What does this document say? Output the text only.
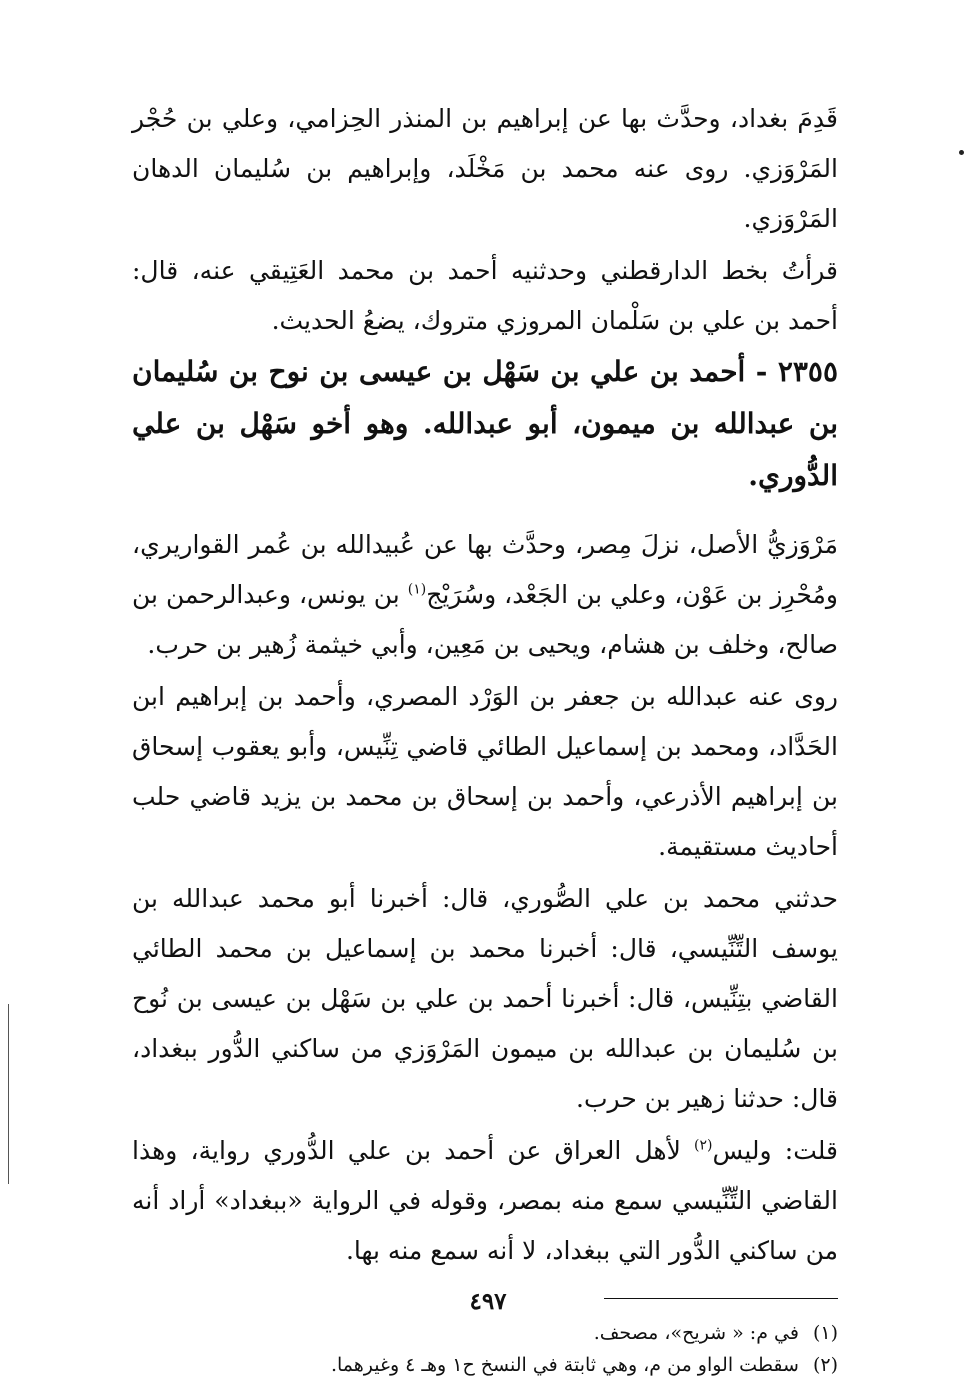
قَدِمَ بغداد، وحدَّث بها عن إبراهيم بن المنذر الحِزامي، وعلي بن حُجْر المَرْوَزي. روى عنه محمد بن مَخْلَد، وإبراهيم بن سُليمان الدهان المَرْوَزي.

قرأتُ بخط الدارقطني وحدثنيه أحمد بن محمد العَتِيقي عنه، قال: أحمد بن علي بن سَلْمان المروزي متروك، يضعُ الحديث.

٢٣٥٥ - أحمد بن علي بن سَهْل بن عيسى بن نوح بن سُليمان بن عبدالله بن ميمون، أبو عبدالله. وهو أخو سَهْل بن علي الدُّوري.

مَرْوَزيُّ الأصل، نزلَ مِصر، وحدَّث بها عن عُبيدالله بن عُمر القواريري، ومُحْرِز بن عَوْن، وعلي بن الجَعْد، وسُرَيْج$^{(١)}$ بن يونس، وعبدالرحمن بن صالح، وخلف بن هشام، ويحيى بن مَعِين، وأبي خيثمة زُهير بن حرب.

روى عنه عبدالله بن جعفر بن الوَرْد المصري، وأحمد بن إبراهيم ابن الحَدَّاد، ومحمد بن إسماعيل الطائي قاضي تِنِّيس، وأبو يعقوب إسحاق بن إبراهيم الأذرعي، وأحمد بن إسحاق بن محمد بن يزيد قاضي حلب أحاديث مستقيمة.

حدثني محمد بن علي الصُّوري، قال: أخبرنا أبو محمد عبدالله بن يوسف التِّنِّيسي، قال: أخبرنا محمد بن إسماعيل بن محمد الطائي القاضي بتِنِّيس، قال: أخبرنا أحمد بن علي بن سَهْل بن عيسى بن نُوح بن سُليمان بن عبدالله بن ميمون المَرْوَزي من ساكني الدُّور ببغداد، قال: حدثنا زهير بن حرب.

قلت: وليس$^{(٢)}$ لأهل العراق عن أحمد بن علي الدُّوري رواية، وهذا القاضي التِّنِّيسي سمع منه بمصر، وقوله في الرواية «ببغداد» أراد أنه من ساكني الدُّور التي ببغداد، لا أنه سمع منه بها.

(١)في م: « شريح»، مصحف.

(٢)سقطت الواو من م، وهي ثابتة في النسخ ح١ وهـ ٤ وغيرهما.

٤٩٧
